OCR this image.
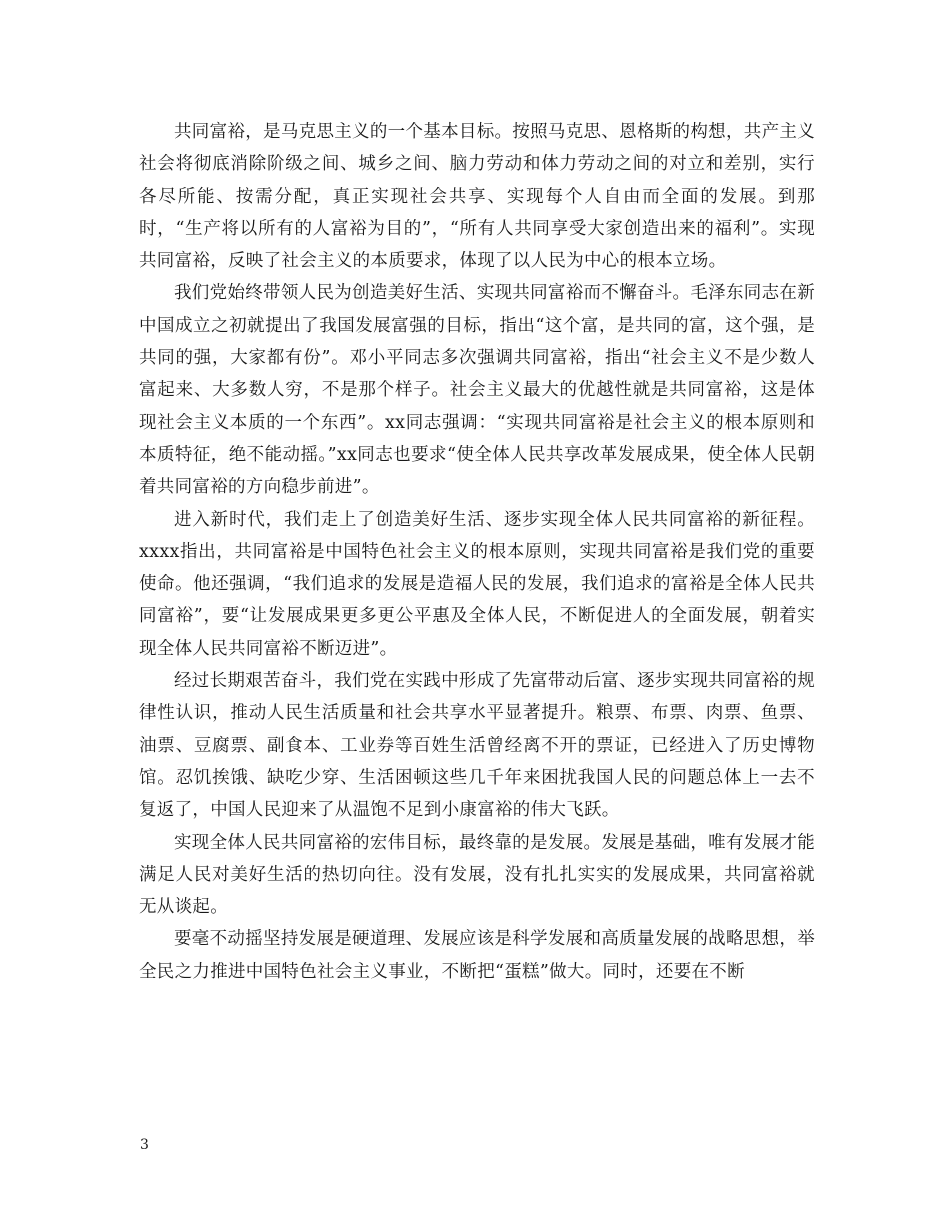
共同富裕，是马克思主义的一个基本目标。按照马克思、恩格斯的构想，共产主义社会将彻底消除阶级之间、城乡之间、脑力劳动和体力劳动之间的对立和差别，实行各尽所能、按需分配，真正实现社会共享、实现每个人自由而全面的发展。到那时，“生产将以所有的人富裕为目的”，“所有人共同享受大家创造出来的福利”。实现共同富裕，反映了社会主义的本质要求，体现了以人民为中心的根本立场。

我们党始终带领人民为创造美好生活、实现共同富裕而不懈奋斗。毛泽东同志在新中国成立之初就提出了我国发展富强的目标，指出“这个富，是共同的富，这个强，是共同的强，大家都有份”。邓小平同志多次强调共同富裕，指出“社会主义不是少数人富起来、大多数人穷，不是那个样子。社会主义最大的优越性就是共同富裕，这是体现社会主义本质的一个东西”。xx同志强调：“实现共同富裕是社会主义的根本原则和本质特征，绝不能动摇。”xx同志也要求“使全体人民共享改革发展成果，使全体人民朝着共同富裕的方向稳步前进”。

进入新时代，我们走上了创造美好生活、逐步实现全体人民共同富裕的新征程。xxxx指出，共同富裕是中国特色社会主义的根本原则，实现共同富裕是我们党的重要使命。他还强调，“我们追求的发展是造福人民的发展，我们追求的富裕是全体人民共同富裕”，要“让发展成果更多更公平惠及全体人民，不断促进人的全面发展，朝着实现全体人民共同富裕不断迈进”。

经过长期艰苦奋斗，我们党在实践中形成了先富带动后富、逐步实现共同富裕的规律性认识，推动人民生活质量和社会共享水平显著提升。粮票、布票、肉票、鱼票、油票、豆腐票、副食本、工业券等百姓生活曾经离不开的票证，已经进入了历史博物馆。忍饥挨饿、缺吃少穿、生活困顿这些几千年来困扰我国人民的问题总体上一去不复返了，中国人民迎来了从温饱不足到小康富裕的伟大飞跃。

实现全体人民共同富裕的宏伟目标，最终靠的是发展。发展是基础，唯有发展才能满足人民对美好生活的热切向往。没有发展，没有扎扎实实的发展成果，共同富裕就无从谈起。

要毫不动摇坚持发展是硬道理、发展应该是科学发展和高质量发展的战略思想，举全民之力推进中国特色社会主义事业，不断把“蛋糕”做大。同时，还要在不断

3
